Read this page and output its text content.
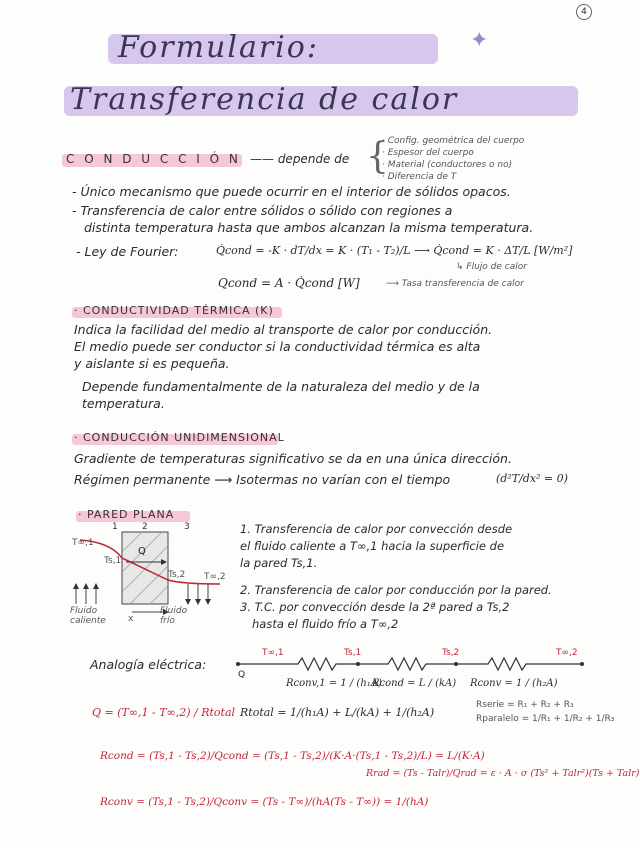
4
Formulario:	✦
Transferencia de calor
C O N D U C C I Ó N —— depende de {
· Config. geométrica del cuerpo
· Espesor del cuerpo
· Material (conductores o no)
· Diferencia de T
- Único mecanismo que puede ocurrir en el interior de sólidos opacos.
- Transferencia de calor entre sólidos o sólido con regiones a
distinta temperatura hasta que ambos alcanzan la misma temperatura.
- Ley de Fourier:	Q̇cond = -K · dT/dx = K · (T₁ - T₂)/L ⟶ Q̇cond = K · ΔT/L [W/m²]
↳ Flujo de calor
Qcond = A · Q̇cond [W]	⟶ Tasa transferencia de calor
· CONDUCTIVIDAD TÉRMICA (K)
Indica la facilidad del medio al transporte de calor por conducción.
El medio puede ser conductor si la conductividad térmica es alta
y aislante si es pequeña.
Depende fundamentalmente de la naturaleza del medio y de la
temperatura.
· CONDUCCIÓN UNIDIMENSIONAL
Gradiente de temperaturas significativo se da en una única dirección.
Régimen permanente ⟶ Isotermas no varían con el tiempo	(d²T/dx² = 0)
· PARED PLANA
1	2	3
T∞,1
Ts,1
Ts,2 T∞,2
Q
x
Fluido caliente
Fluido frío
1. Transferencia de calor por convección desde
el fluido caliente a T∞,1 hacia la superficie de
la pared Ts,1.
2. Transferencia de calor por conducción por la pared.
3. T.C. por convección desde la 2ª pared a Ts,2
hasta el fluido frío a T∞,2
Analogía eléctrica:
T∞,1	Ts,1	Ts,2	T∞,2
Q
Rconv,1 = 1 / (h₁A)
Rcond = L / (kA) Rconv = 1 / (h₂A)
Q = (T∞,1 - T∞,2) / Rtotal Rtotal = 1/(h₁A) + L/(kA) + 1/(h₂A)
Rserie = R₁ + R₂ + R₃
Rparalelo = 1/R₁ + 1/R₂ + 1/R₃
Rcond = (Ts,1 - Ts,2)/Qcond = (Ts,1 - Ts,2)/(K·A·(Ts,1 - Ts,2)/L) = L/(K·A)
Rrad = (Ts - Talr)/Qrad = ε · A · σ (Ts² + Talr²)(Ts + Talr)
Rconv = (Ts,1 - Ts,2)/Qconv = (Ts - T∞)/(hA(Ts - T∞)) = 1/(hA)
